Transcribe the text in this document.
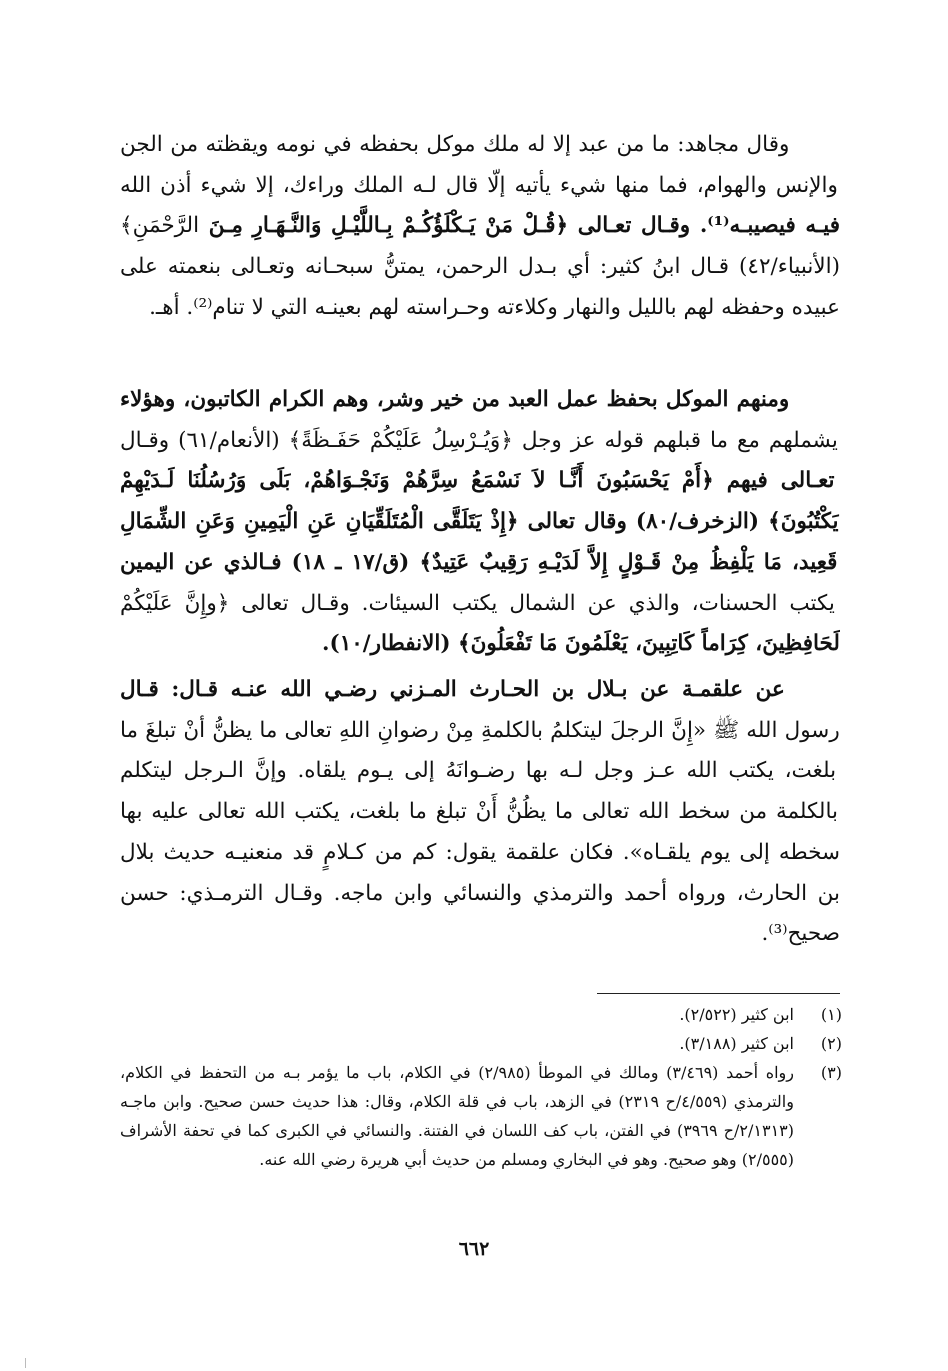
وقال مجاهد: ما من عبد إلا له ملك موكل بحفظه في نومه ويقظته من الجن والإنس والهوام، فما منها شيء يأتيه إلّا قال لـه الملك وراءك، إلا شيء أذن الله فيـه فيصيبـه⁽¹⁾. وقـال تعـالى ﴿قُـلْ مَنْ يَـكْلَؤُكُـمْ بِـاللَّيْـلِ وَالنَّـهَـارِ مِـنَ الرَّحْمَنِ﴾ (الأنبياء/٤٢) قـال ابنُ كثير: أي بـدل الرحمن، يمتنُّ سبحـانه وتعـالى بنعمته على عبيده وحفظه لهم بالليل والنهار وكلاءته وحـراسته لهم بعينـه التي لا تنام⁽²⁾. أهـ.

ومنهم الموكل بحفظ عمل العبد من خير وشر، وهم الكرام الكاتبون، وهؤلاء يشملهم مع ما قبلهم قوله عز وجل ﴿وَيُـرْسِلُ عَلَيْكُمْ حَفَـظَةً﴾ (الأنعام/٦١) وقـال تعـالى فيهم ﴿أَمْ يَحْسَبُونَ أَنَّـا لاَ نَسْمَعُ سِرَّهُمْ وَنَجْـوَاهُمْ، بَلَى وَرُسُلُنَا لَـدَيْهِمْ يَكْتُبُونَ﴾ (الزخرف/٨٠) وقال تعالى ﴿إِذْ يَتَلَقَّى الْمُتَلَقِّيَانِ عَنِ الْيَمِينِ وَعَنِ الشِّمَالِ قَعِيد، مَا يَلْفِظُ مِنْ قَـوْلٍ إِلاَّ لَدَيْـهِ رَقِيبٌ عَتِيدٌ﴾ (ق/١٧ ـ ١٨) فـالذي عن اليمين يكتب الحسنات، والذي عن الشمال يكتب السيئات. وقـال تعالى ﴿وإِنَّ عَلَيْكُمْ لَحَافِظِينَ، كِرَاماً كَاتِبِينَ، يَعْلَمُونَ مَا تَفْعَلُونَ﴾ (الانفطار/١٠).

عن علقمـة عن بـلال بن الحـارث المـزني رضـي الله عنـه قـال: قـال رسول الله ﷺ «إِنَّ الرجلَ ليتكلمُ بالكلمةِ مِنْ رضوانِ اللهِ تعالى ما يظنُّ أنْ تبلغَ ما بلغت، يكتب الله عـز وجل لـه بها رضـوانَهُ إلى يـوم يلقاه. وإنَّ الـرجل ليتكلم بالكلمة من سخط الله تعالى ما يظُنُّ أَنْ تبلغ ما بلغت، يكتب الله تعالى عليه بها سخطه إلى يوم يلقـاه». فكان علقمة يقول: كم من كـلامٍ قد منعنيـه حديث بلال بن الحارث، ورواه أحمد والترمذي والنسائي وابن ماجه. وقـال الترمـذي: حسن صحيح⁽³⁾.

(١)
ابن كثير (٢/٥٢٢).
(٢)
ابن كثير (٣/١٨٨).
(٣)
رواه أحمد (٣/٤٦٩) ومالك في الموطأ (٢/٩٨٥) في الكلام، باب ما يؤمر بـه من التحفظ في الكلام، والترمذي (٤/٥٥٩/ح ٢٣١٩) في الزهد، باب في قلة الكلام، وقال: هذا حديث حسن صحيح. وابن ماجـه (٢/١٣١٣/ح ٣٩٦٩) في الفتن، باب كف اللسان في الفتنة. والنسائي في الكبرى كما في تحفة الأشراف (٢/٥٥٥) وهو صحيح. وهو في البخاري ومسلم من حديث أبي هريرة رضي الله عنه.
٦٦٢
